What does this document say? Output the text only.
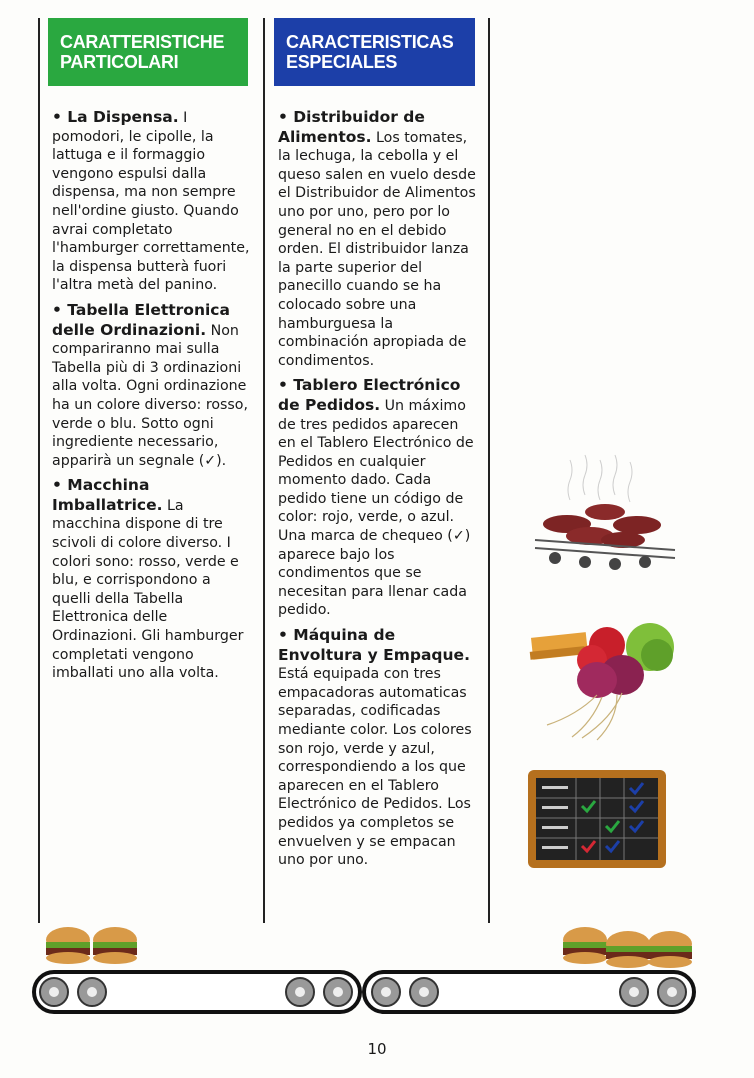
CARATTERISTICHE PARTICOLARI
CARACTERISTICAS ESPECIALES

• La Dispensa. I pomodori, le cipolle, la lattuga e il formaggio vengono espulsi dalla dispensa, ma non sempre nell'ordine giusto. Quando avrai completato l'hamburger correttamente, la dispensa butterà fuori l'altra metà del panino.

• Tabella Elettronica delle Ordinazioni. Non compariranno mai sulla Tabella più di 3 ordinazioni alla volta. Ogni ordinazione ha un colore diverso: rosso, verde o blu. Sotto ogni ingrediente necessario, apparirà un segnale (✓).

• Macchina Imballatrice. La macchina dispone di tre scivoli di colore diverso. I colori sono: rosso, verde e blu, e corrispondono a quelli della Tabella Elettronica delle Ordinazioni. Gli hamburger completati vengono imballati uno alla volta.

• Distribuidor de Alimentos. Los tomates, la lechuga, la cebolla y el queso salen en vuelo desde el Distribuidor de Alimentos uno por uno, pero por lo general no en el debido orden. El distribuidor lanza la parte superior del panecillo cuando se ha colocado sobre una hamburguesa la combinación apropiada de condimentos.

• Tablero Electrónico de Pedidos. Un máximo de tres pedidos aparecen en el Tablero Electrónico de Pedidos en cualquier momento dado. Cada pedido tiene un código de color: rojo, verde, o azul. Una marca de chequeo (✓) aparece bajo los condimentos que se necesitan para llenar cada pedido.

• Máquina de Envoltura y Empaque. Está equipada con tres empacadoras automaticas separadas, codificadas mediante color. Los colores son rojo, verde y azul, correspondiendo a los que aparecen en el Tablero Electrónico de Pedidos. Los pedidos ya completos se envuelven y se empacan uno por uno.

10
